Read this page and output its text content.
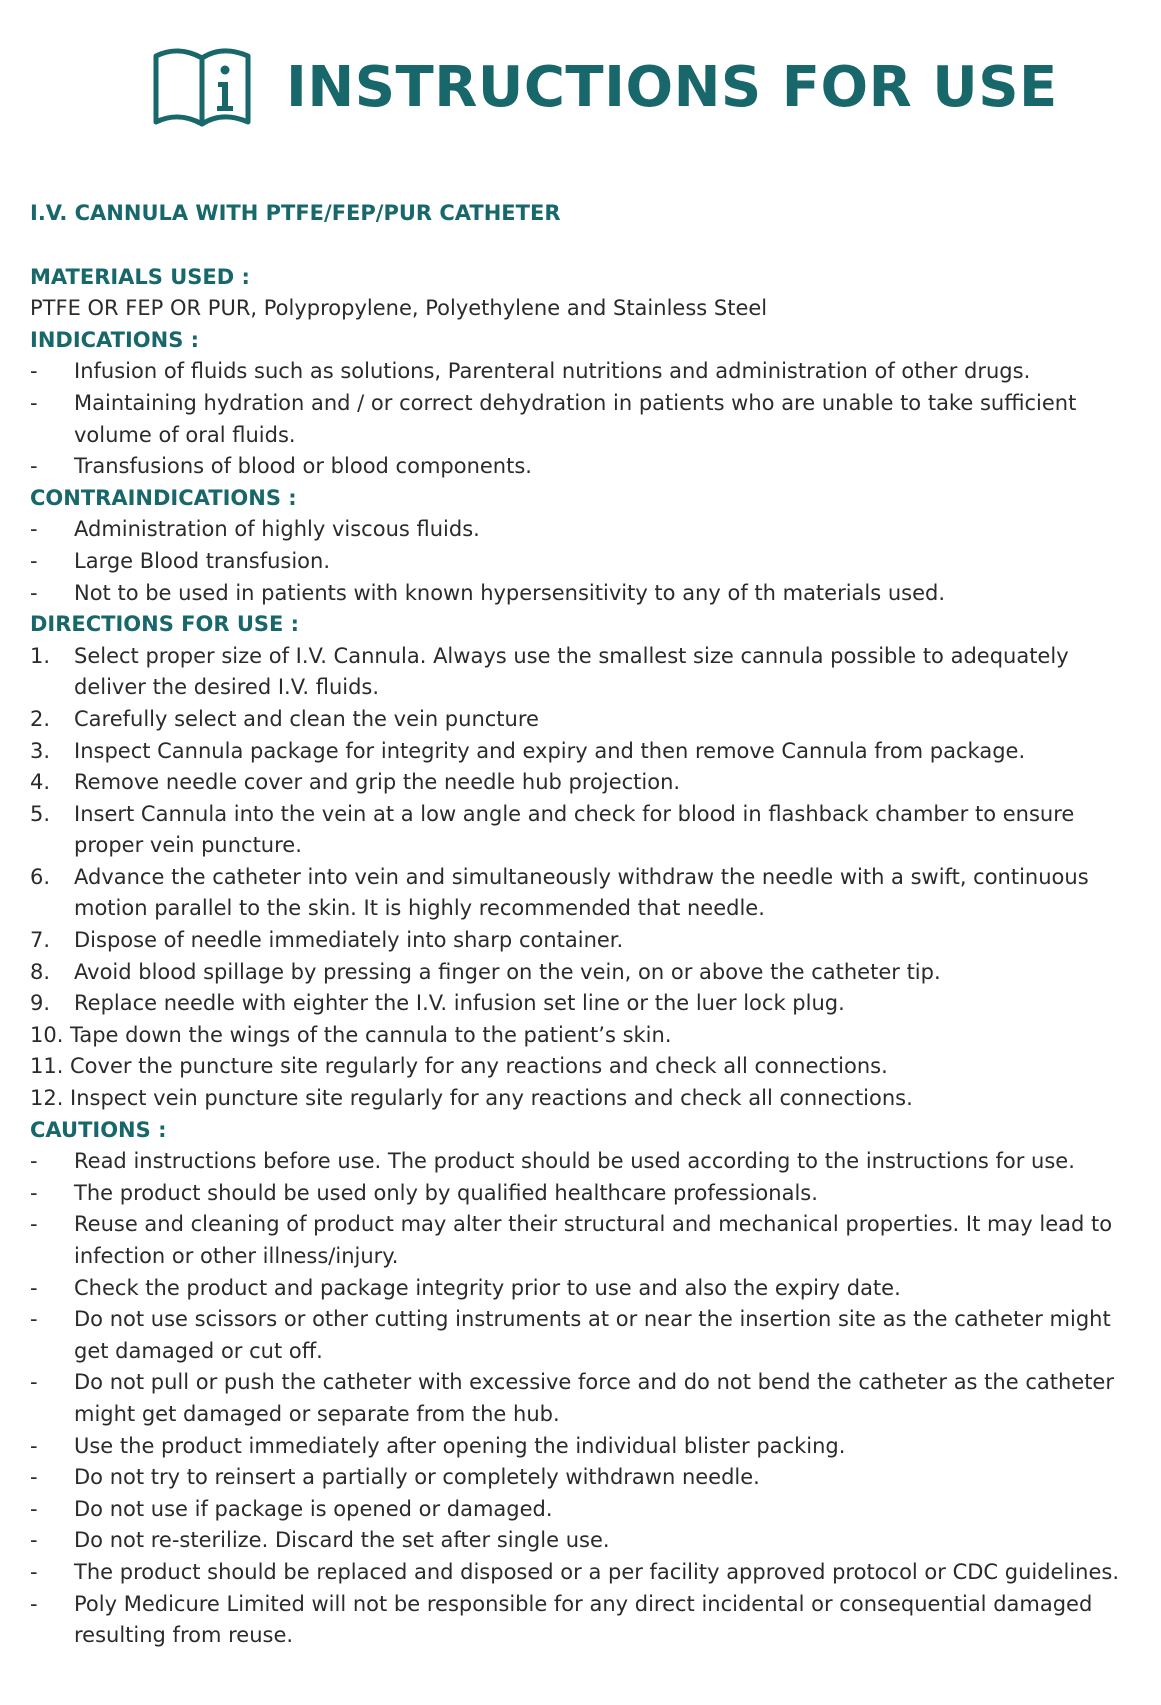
INSTRUCTIONS FOR USE
I.V. CANNULA WITH PTFE/FEP/PUR CATHETER
MATERIALS USED :
PTFE OR FEP OR PUR, Polypropylene, Polyethylene and Stainless Steel
INDICATIONS :
-	Infusion of fluids such as solutions, Parenteral nutritions and administration of other drugs.
-	Maintaining hydration and / or correct dehydration in patients who are unable to take sufficient volume of oral fluids.
-	Transfusions of blood or blood components.
CONTRAINDICATIONS :
-	Administration of highly viscous fluids.
-	Large Blood transfusion.
-	Not to be used in patients with known hypersensitivity to any of th materials used.
DIRECTIONS FOR USE :
1.	Select proper size of I.V. Cannula. Always use the smallest size cannula possible to adequately deliver the desired I.V. fluids.
2.	Carefully select and clean the vein puncture
3.	Inspect Cannula package for integrity and expiry and then remove Cannula from package.
4.	Remove needle cover and grip the needle hub projection.
5.	Insert Cannula into the vein at a low angle and check for blood in flashback chamber to ensure proper vein puncture.
6.	Advance the catheter into vein and simultaneously withdraw the needle with a swift, continuous motion parallel to the skin. It is highly recommended that needle.
7.	Dispose of needle immediately into sharp container.
8.	Avoid blood spillage by pressing a finger on the vein, on or above the catheter tip.
9.	Replace needle with eighter the I.V. infusion set line or the luer lock plug.
10. Tape down the wings of the cannula to the patient’s skin.
11. Cover the puncture site regularly for any reactions and check all connections.
12. Inspect vein puncture site regularly for any reactions and check all connections.
CAUTIONS :
-	Read instructions before use. The product should be used according to the instructions for use.
-	The product should be used only by qualified healthcare professionals.
-	Reuse and cleaning of product may alter their structural and mechanical properties. It may lead to infection or other illness/injury.
-	Check the product and package integrity prior to use and also the expiry date.
-	Do not use scissors or other cutting instruments at or near the insertion site as the catheter might get damaged or cut off.
-	Do not pull or push the catheter with excessive force and do not bend the catheter as the catheter might get damaged or separate from the hub.
-	Use the product immediately after opening the individual blister packing.
-	Do not try to reinsert a partially or completely withdrawn needle.
-	Do not use if package is opened or damaged.
-	Do not re-sterilize. Discard the set after single use.
-	The product should be replaced and disposed or a per facility approved protocol or CDC guidelines.
-	Poly Medicure Limited will not be responsible for any direct incidental or consequential damaged resulting from reuse.
